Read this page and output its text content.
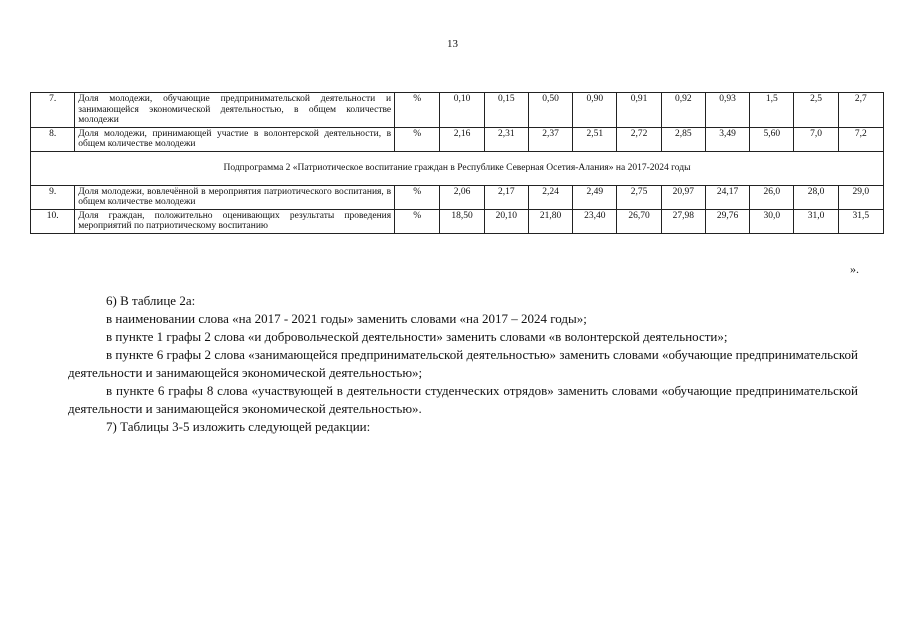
13
7.	Доля молодежи, обучающие предпринимательской деятельности и занимающейся экономической деятельностью, в общем количестве молодежи	%	0,10	0,15	0,50	0,90	0,91	0,92	0,93	1,5	2,5	2,7
8.	Доля молодежи, принимающей участие в волонтерской деятельности, в общем количестве молодежи	%	2,16	2,31	2,37	2,51	2,72	2,85	3,49	5,60	7,0	7,2
Подпрограмма 2 «Патриотическое воспитание граждан в Республике Северная Осетия-Алания» на 2017-2024 годы												
9.	Доля молодежи, вовлечённой в мероприятия патриотического воспитания, в общем количестве молодежи	%	2,06	2,17	2,24	2,49	2,75	20,97	24,17	26,0	28,0	29,0
10.	Доля граждан, положительно оценивающих результаты проведения мероприятий по патриотическому воспитанию	%	18,50	20,10	21,80	23,40	26,70	27,98	29,76	30,0	31,0	31,5
».

6) В таблице 2а:

в наименовании слова «на 2017 - 2021 годы» заменить словами «на 2017 – 2024 годы»;

в пункте 1 графы 2 слова «и добровольческой деятельности» заменить словами «в волонтерской деятельности»;

в пункте 6 графы 2 слова «занимающейся предпринимательской деятельностью» заменить словами «обучающие предпринимательской деятельности и занимающейся экономической деятельностью»;

в пункте 6 графы 8 слова «участвующей в деятельности студенческих отрядов» заменить словами «обучающие предпринимательской деятельности и занимающейся экономической деятельностью».

7) Таблицы 3-5 изложить следующей редакции:
